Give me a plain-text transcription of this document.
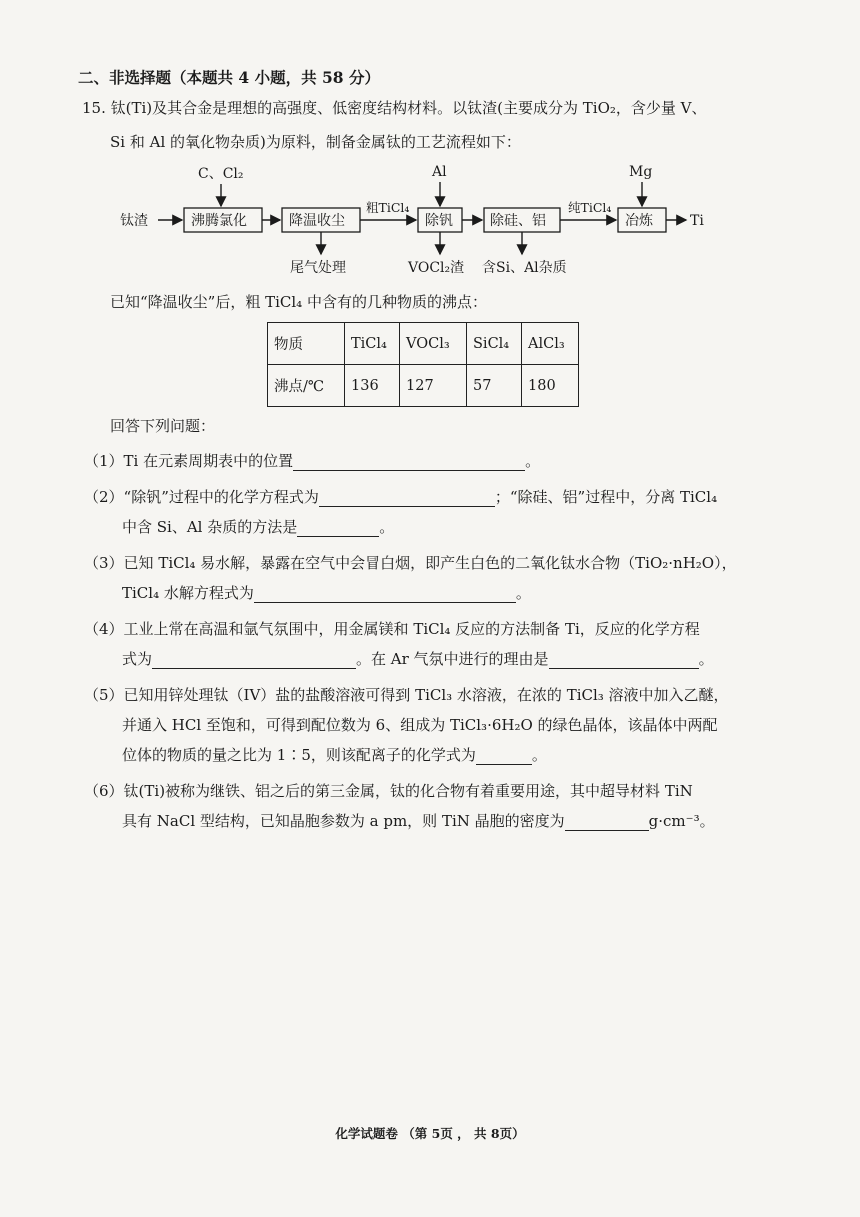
二、非选择题（本题共 4 小题，共 58 分）
15. 钛(Ti)及其合金是理想的高强度、低密度结构材料。以钛渣(主要成分为 TiO₂，含少量 V、
Si 和 Al 的氧化物杂质)为原料，制备金属钛的工艺流程如下：
钛渣	沸腾氯化
C、Cl₂
降温收尘
尾气处理
粗TiCl₄
除钒
Al
VOCl₂渣
除硅、铝
含Si、Al杂质
纯TiCl₄
冶炼
Mg
Ti
已知“降温收尘”后，粗 TiCl₄ 中含有的几种物质的沸点：
物质	TiCl₄	VOCl₃	SiCl₄	AlCl₃
沸点/℃	136	127	57	180
回答下列问题：
（1）Ti 在元素周期表中的位置	。
（2）“除钒”过程中的化学方程式为	；“除硅、铝”过程中，分离 TiCl₄
中含 Si、Al 杂质的方法是	。
（3）已知 TiCl₄ 易水解，暴露在空气中会冒白烟，即产生白色的二氧化钛水合物（TiO₂·nH₂O），
TiCl₄ 水解方程式为	。
（4）工业上常在高温和氩气氛围中，用金属镁和 TiCl₄ 反应的方法制备 Ti，反应的化学方程
式为	。在 Ar 气氛中进行的理由是	。
（5）已知用锌处理钛（IV）盐的盐酸溶液可得到 TiCl₃ 水溶液，在浓的 TiCl₃ 溶液中加入乙醚，
并通入 HCl 至饱和，可得到配位数为 6、组成为 TiCl₃·6H₂O 的绿色晶体，该晶体中两配
位体的物质的量之比为 1∶5，则该配离子的化学式为	。
（6）钛(Ti)被称为继铁、铝之后的第三金属，钛的化合物有着重要用途，其中超导材料 TiN
具有 NaCl 型结构，已知晶胞参数为 a pm，则 TiN 晶胞的密度为	g·cm⁻³。
化学试题卷 （第 5页 ， 共 8页）
